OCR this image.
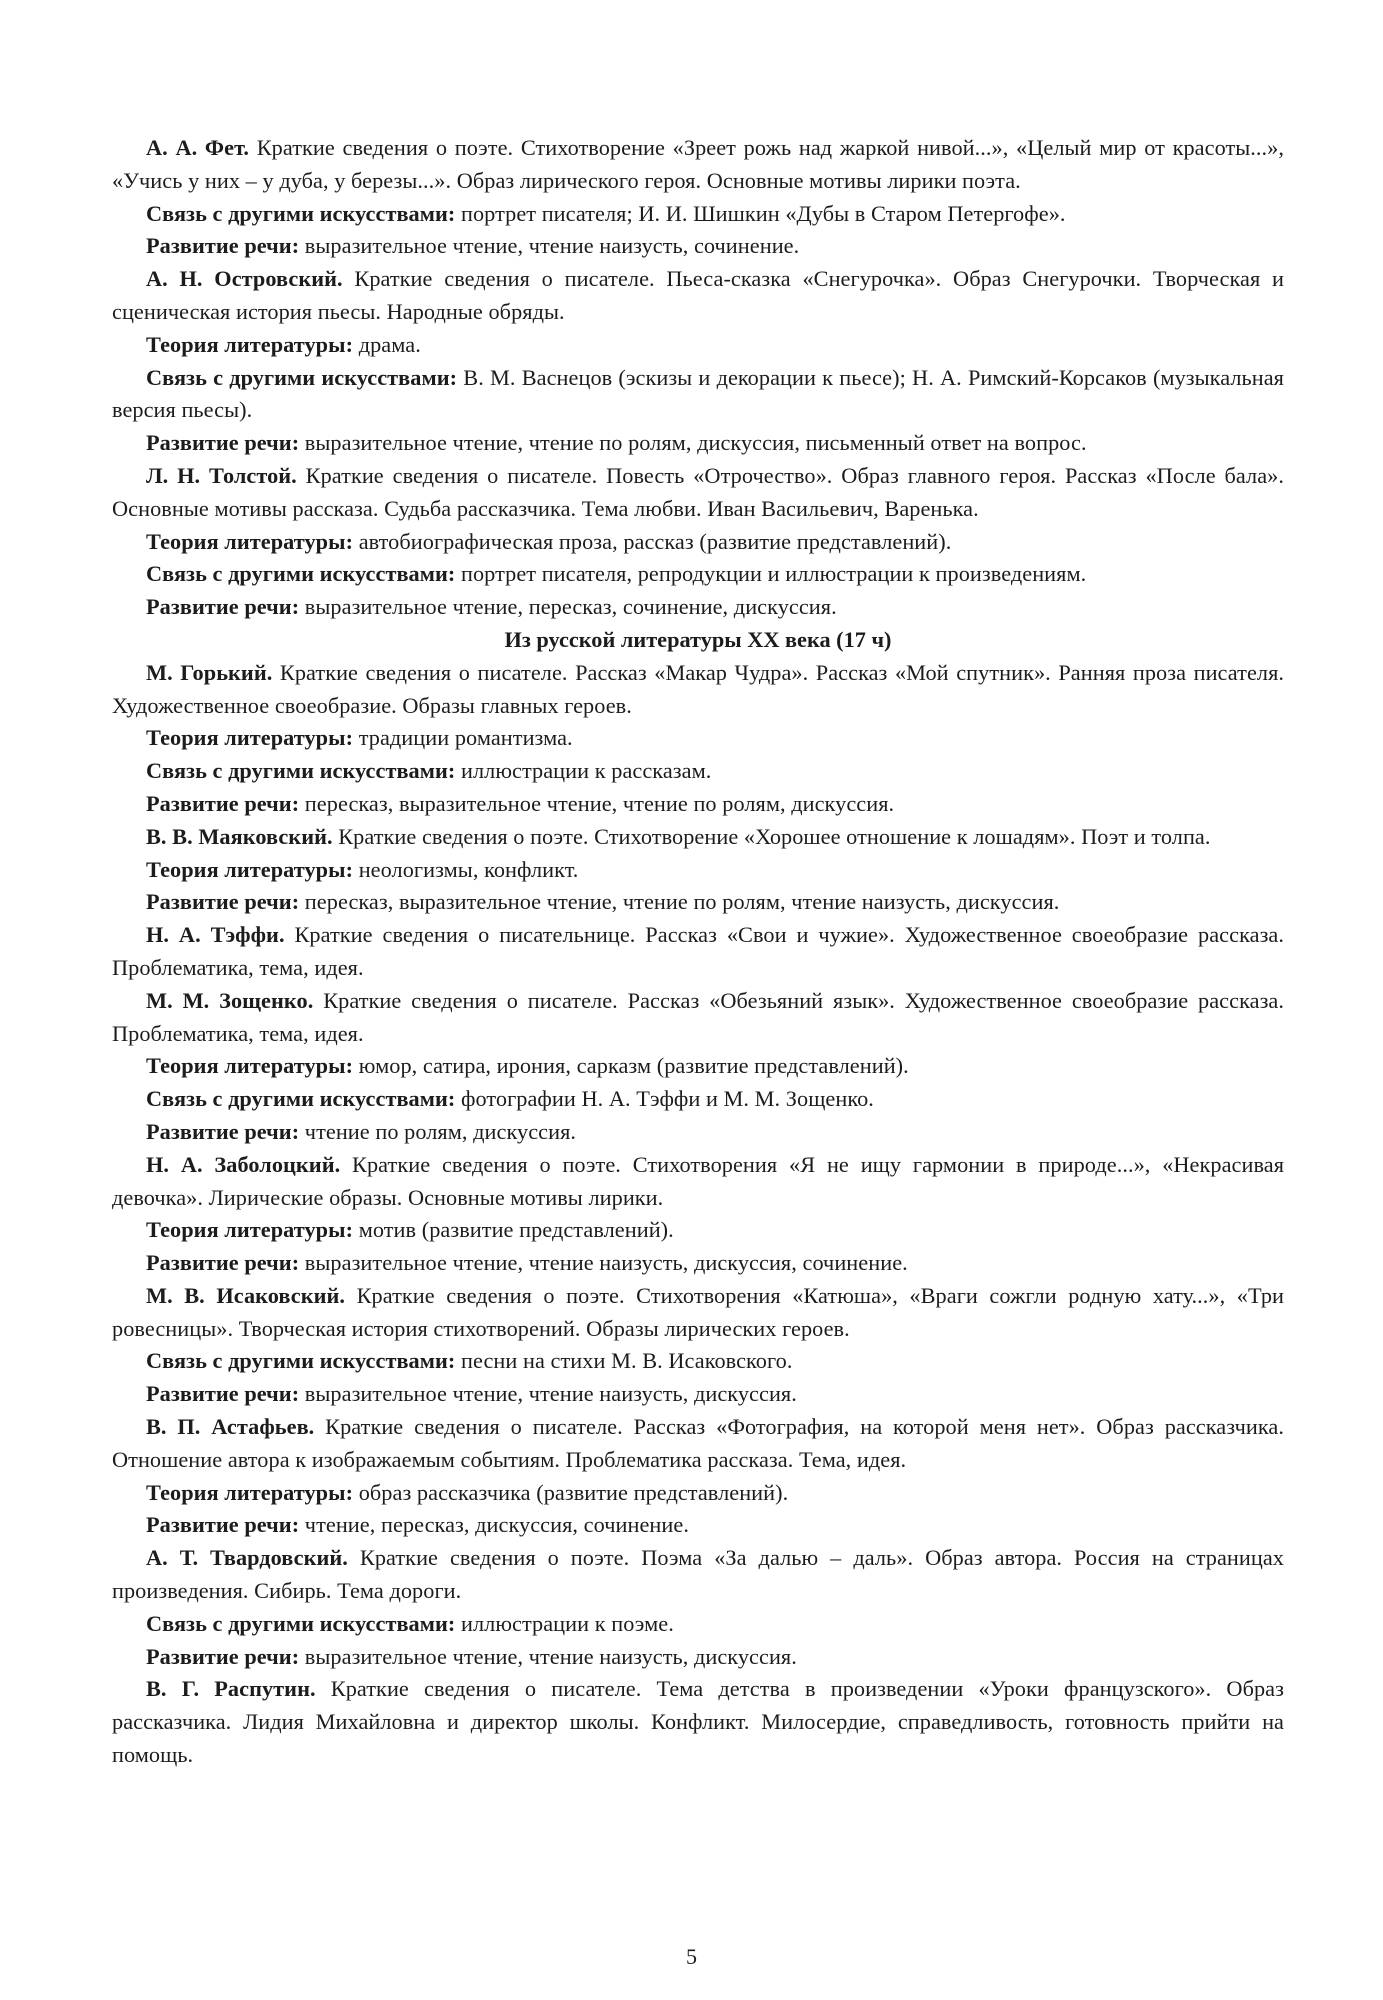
А. А. Фет. Краткие сведения о поэте. Стихотворение «Зреет рожь над жаркой нивой...», «Целый мир от красоты...», «Учись у них – у дуба, у березы...». Образ лирического героя. Основные мотивы лирики поэта.

Связь с другими искусствами: портрет писателя; И. И. Шишкин «Дубы в Старом Петергофе».

Развитие речи: выразительное чтение, чтение наизусть, сочинение.

А. Н. Островский. Краткие сведения о писателе. Пьеса-сказка «Снегурочка». Образ Снегурочки. Творческая и сценическая история пьесы. Народные обряды.

Теория литературы: драма.

Связь с другими искусствами: В. М. Васнецов (эскизы и декорации к пьесе); Н. А. Римский-Корсаков (музыкальная версия пьесы).

Развитие речи: выразительное чтение, чтение по ролям, дискуссия, письменный ответ на вопрос.

Л. Н. Толстой. Краткие сведения о писателе. Повесть «Отрочество». Образ главного героя. Рассказ «После бала». Основные мотивы рассказа. Судьба рассказчика. Тема любви. Иван Васильевич, Варенька.

Теория литературы: автобиографическая проза, рассказ (развитие представлений).

Связь с другими искусствами: портрет писателя, репродукции и иллюстрации к произведениям.

Развитие речи: выразительное чтение, пересказ, сочинение, дискуссия.

Из русской литературы XX века (17 ч)

М. Горький. Краткие сведения о писателе. Рассказ «Макар Чудра». Рассказ «Мой спутник». Ранняя проза писателя. Художественное своеобразие. Образы главных героев.

Теория литературы: традиции романтизма.

Связь с другими искусствами: иллюстрации к рассказам.

Развитие речи: пересказ, выразительное чтение, чтение по ролям, дискуссия.

В. В. Маяковский. Краткие сведения о поэте. Стихотворение «Хорошее отношение к лошадям». Поэт и толпа.

Теория литературы: неологизмы, конфликт.

Развитие речи: пересказ, выразительное чтение, чтение по ролям, чтение наизусть, дискуссия.

Н. А. Тэффи. Краткие сведения о писательнице. Рассказ «Свои и чужие». Художественное своеобразие рассказа. Проблематика, тема, идея.

М. М. Зощенко. Краткие сведения о писателе. Рассказ «Обезьяний язык». Художественное своеобразие рассказа. Проблематика, тема, идея.

Теория литературы: юмор, сатира, ирония, сарказм (развитие представлений).

Связь с другими искусствами: фотографии Н. А. Тэффи и М. М. Зощенко.

Развитие речи: чтение по ролям, дискуссия.

Н. А. Заболоцкий. Краткие сведения о поэте. Стихотворения «Я не ищу гармонии в природе...», «Некрасивая девочка». Лирические образы. Основные мотивы лирики.

Теория литературы: мотив (развитие представлений).

Развитие речи: выразительное чтение, чтение наизусть, дискуссия, сочинение.

М. В. Исаковский. Краткие сведения о поэте. Стихотворения «Катюша», «Враги сожгли родную хату...», «Три ровесницы». Творческая история стихотворений. Образы лирических героев.

Связь с другими искусствами: песни на стихи М. В. Исаковского.

Развитие речи: выразительное чтение, чтение наизусть, дискуссия.

В. П. Астафьев. Краткие сведения о писателе. Рассказ «Фотография, на которой меня нет». Образ рассказчика. Отношение автора к изображаемым событиям. Проблематика рассказа. Тема, идея.

Теория литературы: образ рассказчика (развитие представлений).

Развитие речи: чтение, пересказ, дискуссия, сочинение.

А. Т. Твардовский. Краткие сведения о поэте. Поэма «За далью – даль». Образ автора. Россия на страницах произведения. Сибирь. Тема дороги.

Связь с другими искусствами: иллюстрации к поэме.

Развитие речи: выразительное чтение, чтение наизусть, дискуссия.

В. Г. Распутин. Краткие сведения о писателе. Тема детства в произведении «Уроки французского». Образ рассказчика. Лидия Михайловна и директор школы. Конфликт. Милосердие, справедливость, готовность прийти на помощь.

5
